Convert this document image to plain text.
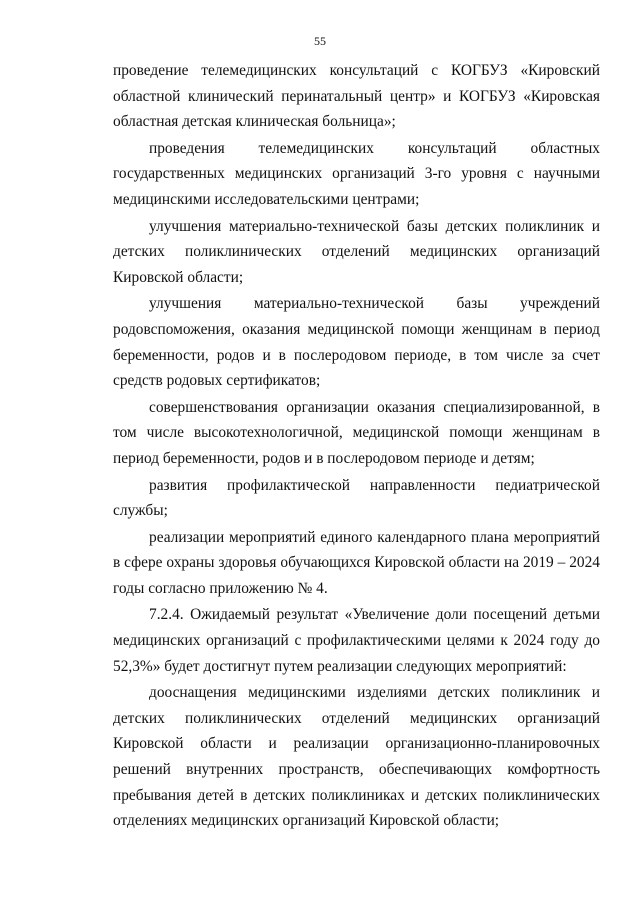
55

проведение телемедицинских консультаций с КОГБУЗ «Кировский областной клинический перинатальный центр» и КОГБУЗ «Кировская областная детская клиническая больница»;

проведения телемедицинских консультаций областных государственных медицинских организаций 3-го уровня с научными медицинскими исследовательскими центрами;

улучшения материально-технической базы детских поликлиник и детских поликлинических отделений медицинских организаций Кировской области;

улучшения материально-технической базы учреждений родовспоможения, оказания медицинской помощи женщинам в период беременности, родов и в послеродовом периоде, в том числе за счет средств родовых сертификатов;

совершенствования организации оказания специализированной, в том числе высокотехнологичной, медицинской помощи женщинам в период беременности, родов и в послеродовом периоде и детям;

развития профилактической направленности педиатрической службы;

реализации мероприятий единого календарного плана мероприятий в сфере охраны здоровья обучающихся Кировской области на 2019 – 2024 годы согласно приложению № 4.

7.2.4. Ожидаемый результат «Увеличение доли посещений детьми медицинских организаций с профилактическими целями к 2024 году до 52,3%» будет достигнут путем реализации следующих мероприятий:

дооснащения медицинскими изделиями детских поликлиник и детских поликлинических отделений медицинских организаций Кировской области и реализации организационно-планировочных решений внутренних пространств, обеспечивающих комфортность пребывания детей в детских поликлиниках и детских поликлинических отделениях медицинских организаций Кировской области;
